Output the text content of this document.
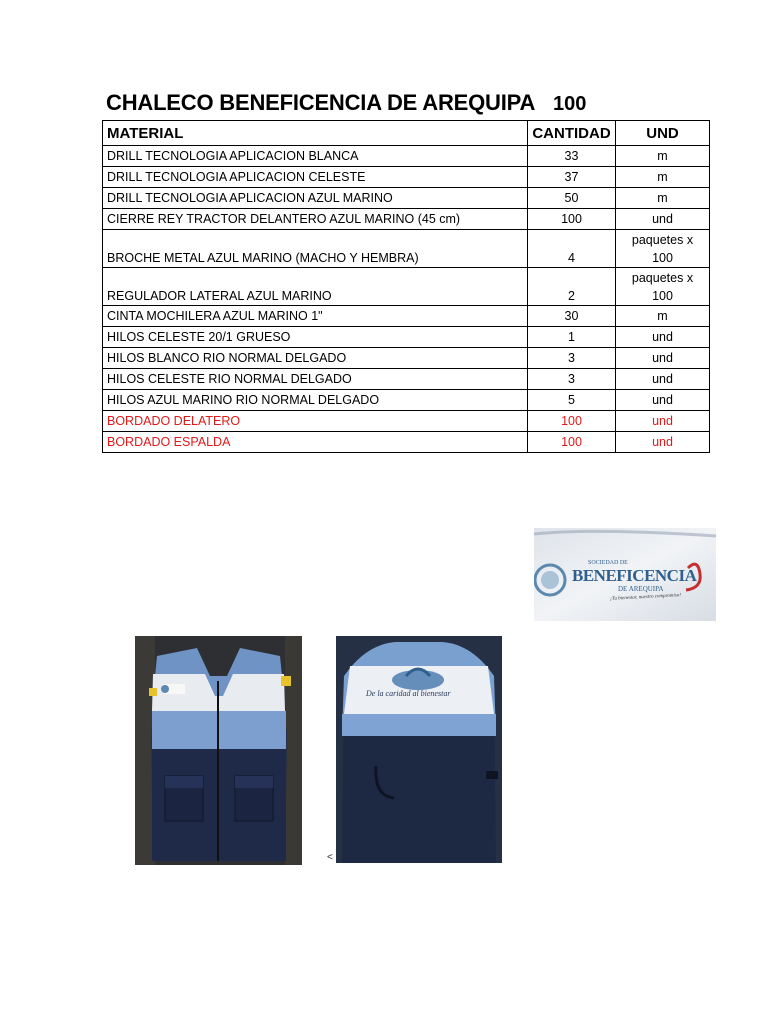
CHALECO BENEFICENCIA DE AREQUIPA 100
MATERIAL	CANTIDAD	UND
DRILL TECNOLOGIA APLICACION BLANCA	33	m
DRILL TECNOLOGIA APLICACION CELESTE	37	m
DRILL TECNOLOGIA APLICACION AZUL MARINO	50	m
CIERRE REY TRACTOR DELANTERO AZUL MARINO (45 cm)	100	und
BROCHE METAL AZUL MARINO (MACHO Y HEMBRA)	4	paquetes x
100
REGULADOR LATERAL AZUL MARINO	2	paquetes x
100
CINTA MOCHILERA AZUL MARINO 1"	30	m
HILOS CELESTE 20/1 GRUESO	1	und
HILOS BLANCO RIO NORMAL DELGADO	3	und
HILOS CELESTE RIO NORMAL DELGADO	3	und
HILOS AZUL MARINO RIO NORMAL DELGADO	5	und
BORDADO DELATERO	100	und
BORDADO ESPALDA	100	und
SOCIEDAD DE
BENEFICENCIA
DE AREQUIPA
¡Tu bienestar, nuestro compromiso!
De la caridad al bienestar
<
